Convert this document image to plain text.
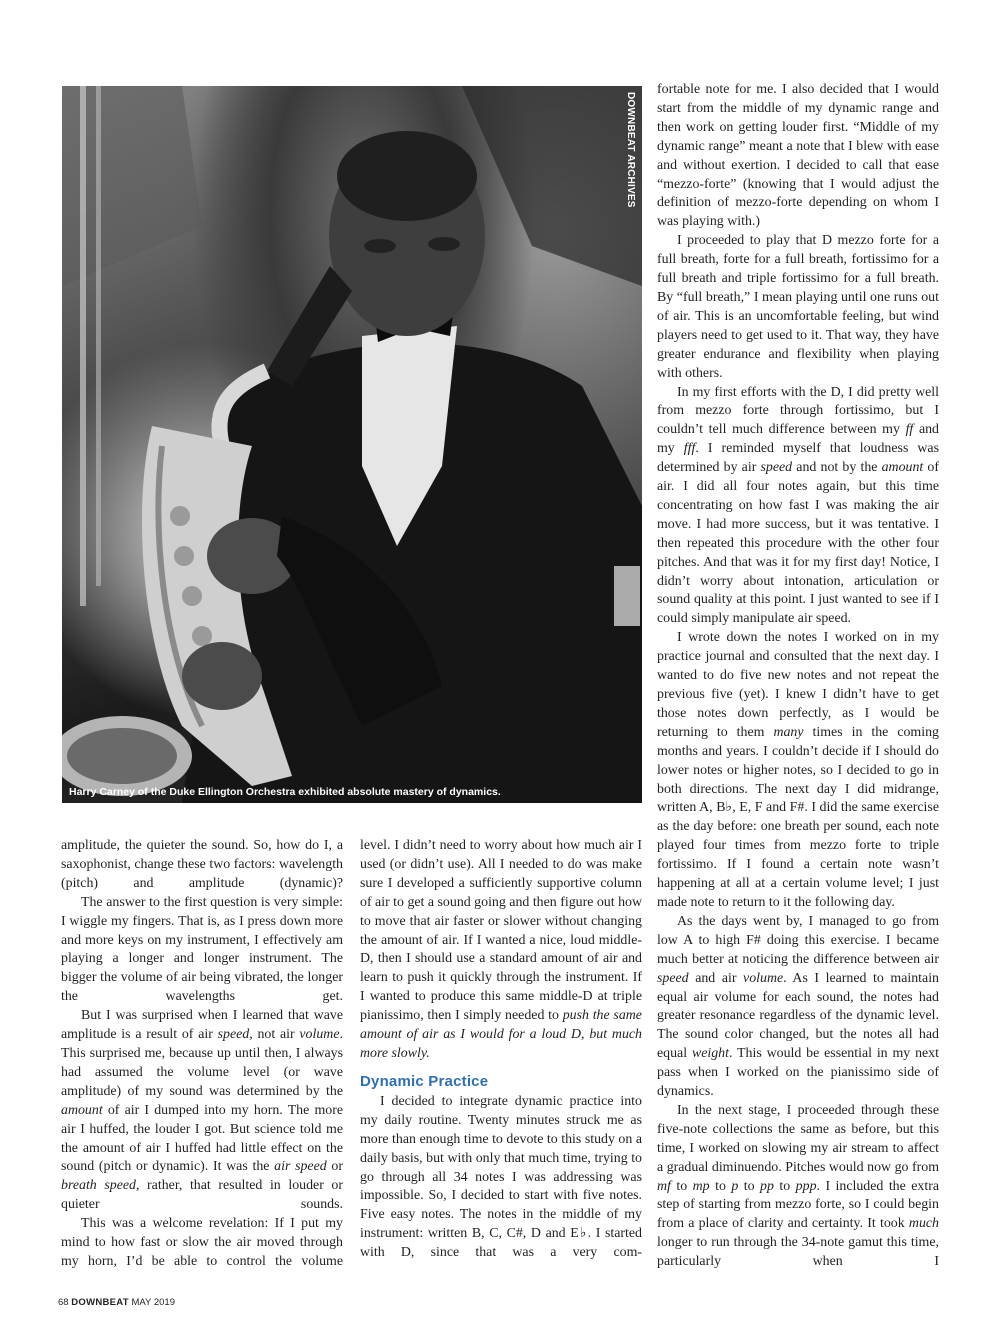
DOWNBEAT ARCHIVES
Harry Carney of the Duke Ellington Orchestra exhibited absolute mastery of dynamics.

amplitude, the quieter the sound. So, how do I, a saxophonist, change these two factors: wavelength (pitch) and amplitude (dynamic)?

The answer to the first question is very simple: I wiggle my fingers. That is, as I press down more and more keys on my instrument, I effectively am playing a longer and longer instrument. The bigger the volume of air being vibrated, the longer the wavelengths get.

But I was surprised when I learned that wave amplitude is a result of air speed, not air volume. This surprised me, because up until then, I always had assumed the volume level (or wave amplitude) of my sound was determined by the amount of air I dumped into my horn. The more air I huffed, the louder I got. But science told me the amount of air I huffed had little effect on the sound (pitch or dynamic). It was the air speed or breath speed, rather, that resulted in louder or quieter sounds.

This was a welcome revelation: If I put my mind to how fast or slow the air moved through my horn, I’d be able to control the volume

level. I didn’t need to worry about how much air I used (or didn’t use). All I needed to do was make sure I developed a sufficiently supportive column of air to get a sound going and then figure out how to move that air faster or slower without changing the amount of air. If I wanted a nice, loud middle-D, then I should use a standard amount of air and learn to push it quickly through the instrument. If I wanted to produce this same middle-D at triple pianissimo, then I simply needed to push the same amount of air as I would for a loud D, but much more slowly.

Dynamic Practice

I decided to integrate dynamic practice into my daily routine. Twenty minutes struck me as more than enough time to devote to this study on a daily basis, but with only that much time, trying to go through all 34 notes I was addressing was impossible. So, I decided to start with five notes. Five easy notes. The notes in the middle of my instrument: written B, C, C#, D and E♭. I started with D, since that was a very com-

fortable note for me. I also decided that I would start from the middle of my dynamic range and then work on getting louder first. “Middle of my dynamic range” meant a note that I blew with ease and without exertion. I decided to call that ease “mezzo-forte” (knowing that I would adjust the definition of mezzo-forte depending on whom I was playing with.)

I proceeded to play that D mezzo forte for a full breath, forte for a full breath, fortissimo for a full breath and triple fortissimo for a full breath. By “full breath,” I mean playing until one runs out of air. This is an uncomfortable feeling, but wind players need to get used to it. That way, they have greater endurance and flexibility when playing with others.

In my first efforts with the D, I did pretty well from mezzo forte through fortissimo, but I couldn’t tell much difference between my ff and my fff. I reminded myself that loudness was determined by air speed and not by the amount of air. I did all four notes again, but this time concentrating on how fast I was making the air move. I had more success, but it was tentative. I then repeated this procedure with the other four pitches. And that was it for my first day! Notice, I didn’t worry about intonation, articulation or sound quality at this point. I just wanted to see if I could simply manipulate air speed.

I wrote down the notes I worked on in my practice journal and consulted that the next day. I wanted to do five new notes and not repeat the previous five (yet). I knew I didn’t have to get those notes down perfectly, as I would be returning to them many times in the coming months and years. I couldn’t decide if I should do lower notes or higher notes, so I decided to go in both directions. The next day I did midrange, written A, B♭, E, F and F#. I did the same exercise as the day before: one breath per sound, each note played four times from mezzo forte to triple fortissimo. If I found a certain note wasn’t happening at all at a certain volume level; I just made note to return to it the following day.

As the days went by, I managed to go from low A to high F# doing this exercise. I became much better at noticing the difference between air speed and air volume. As I learned to maintain equal air volume for each sound, the notes had greater resonance regardless of the dynamic level. The sound color changed, but the notes all had equal weight. This would be essential in my next pass when I worked on the pianissimo side of dynamics.

In the next stage, I proceeded through these five-note collections the same as before, but this time, I worked on slowing my air stream to affect a gradual diminuendo. Pitches would now go from mf to mp to p to pp to ppp. I included the extra step of starting from mezzo forte, so I could begin from a place of clarity and certainty. It took much longer to run through the 34-note gamut this time, particularly when I

68 DOWNBEAT MAY 2019
